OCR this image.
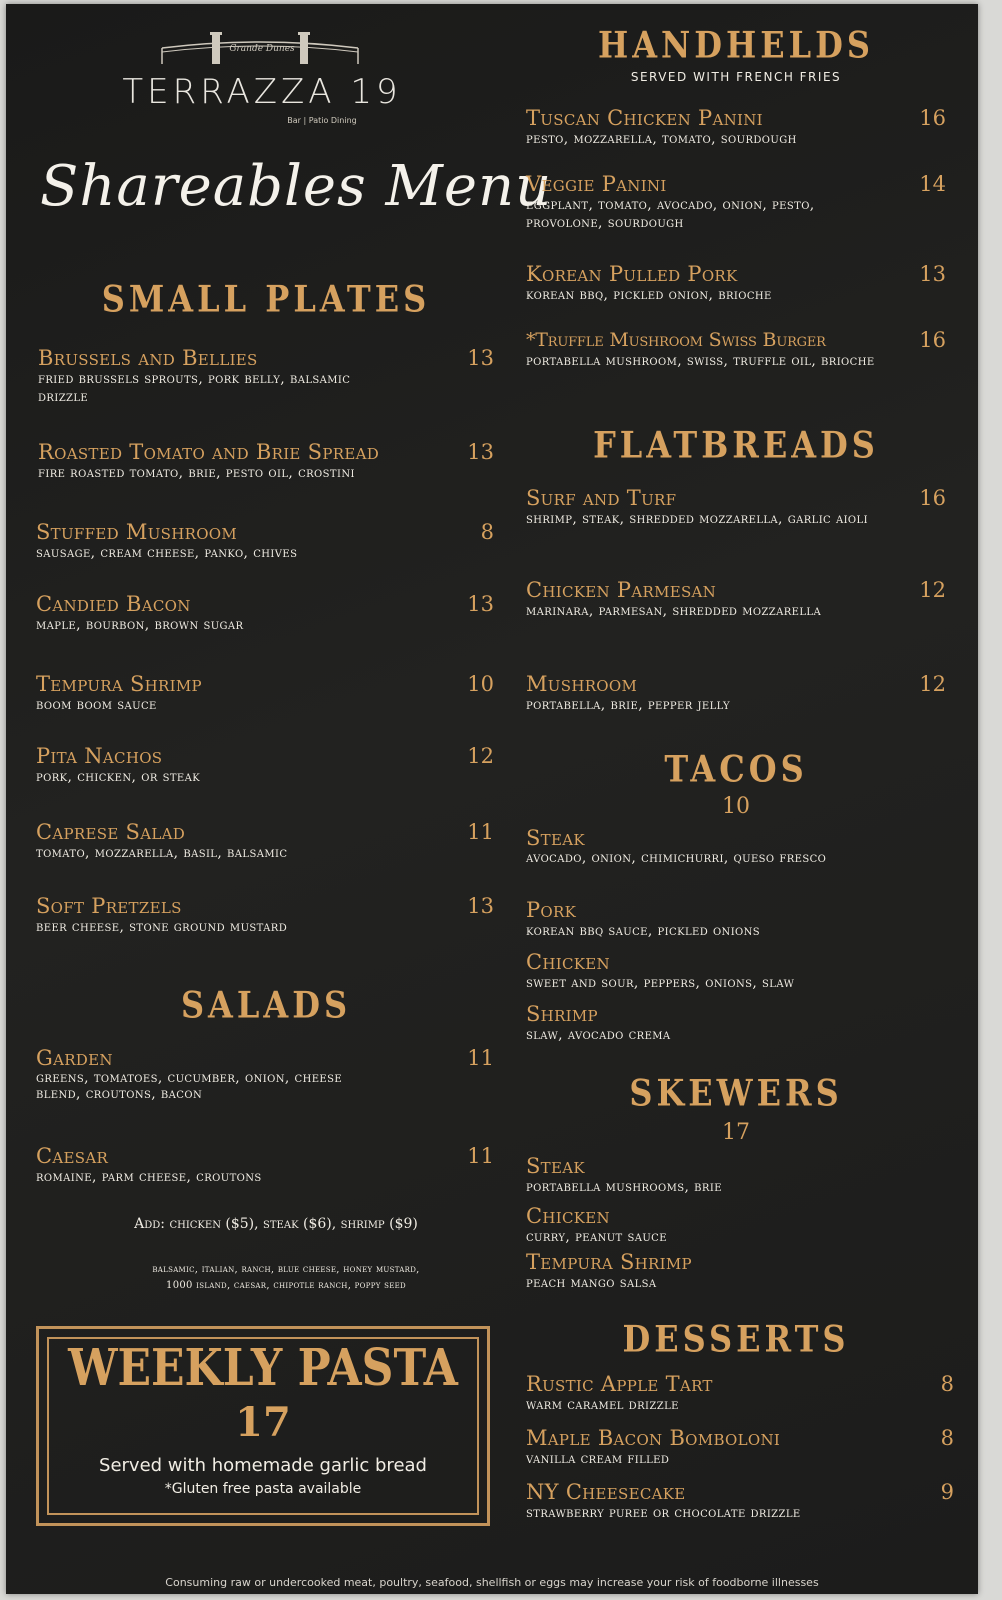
Grande Dunes
TERRAZZA 19
Bar | Patio Dining
Shareables Menu
SMALL PLATES
Brussels and Bellies
fried brussels sprouts, pork belly, balsamic drizzle
13
Roasted Tomato and Brie Spread
fire roasted tomato, brie, pesto oil, crostini
13
Stuffed Mushroom
sausage, cream cheese, panko, chives
8
Candied Bacon
maple, bourbon, brown sugar
13
Tempura Shrimp
boom boom sauce
10
Pita Nachos
pork, chicken, or steak
12
Caprese Salad
tomato, mozzarella, basil, balsamic
11
Soft Pretzels
beer cheese, stone ground mustard
13
SALADS
Garden
greens, tomatoes, cucumber, onion, cheese blend, croutons, bacon
11
Caesar
romaine, parm cheese, croutons
11
Add: chicken ($5), steak ($6), shrimp ($9)
balsamic, italian, ranch, blue cheese, honey mustard,
1000 island, caesar, chipotle ranch, poppy seed
WEEKLY PASTA
17
Served with homemade garlic bread
*Gluten free pasta available
HANDHELDS
SERVED WITH FRENCH FRIES
Tuscan Chicken Panini
pesto, mozzarella, tomato, sourdough
16
Veggie Panini
eggplant, tomato, avocado, onion, pesto, provolone, sourdough
14
Korean Pulled Pork
korean bbq, pickled onion, brioche
13
*Truffle Mushroom Swiss Burger
portabella mushroom, swiss, truffle oil, brioche
16
FLATBREADS
Surf and Turf
shrimp, steak, shredded mozzarella, garlic aioli
16
Chicken Parmesan
marinara, parmesan, shredded mozzarella
12
Mushroom
portabella, brie, pepper jelly
12
TACOS
10
Steak
avocado, onion, chimichurri, queso fresco
Pork
korean bbq sauce, pickled onions
Chicken
sweet and sour, peppers, onions, slaw
Shrimp
slaw, avocado crema
SKEWERS
17
Steak
portabella mushrooms, brie
Chicken
curry, peanut sauce
Tempura Shrimp
peach mango salsa
DESSERTS
Rustic Apple Tart
warm caramel drizzle
8
Maple Bacon Bomboloni
vanilla cream filled
8
NY Cheesecake
strawberry puree or chocolate drizzle
9
Consuming raw or undercooked meat, poultry, seafood, shellfish or eggs may increase your risk of foodborne illnesses
